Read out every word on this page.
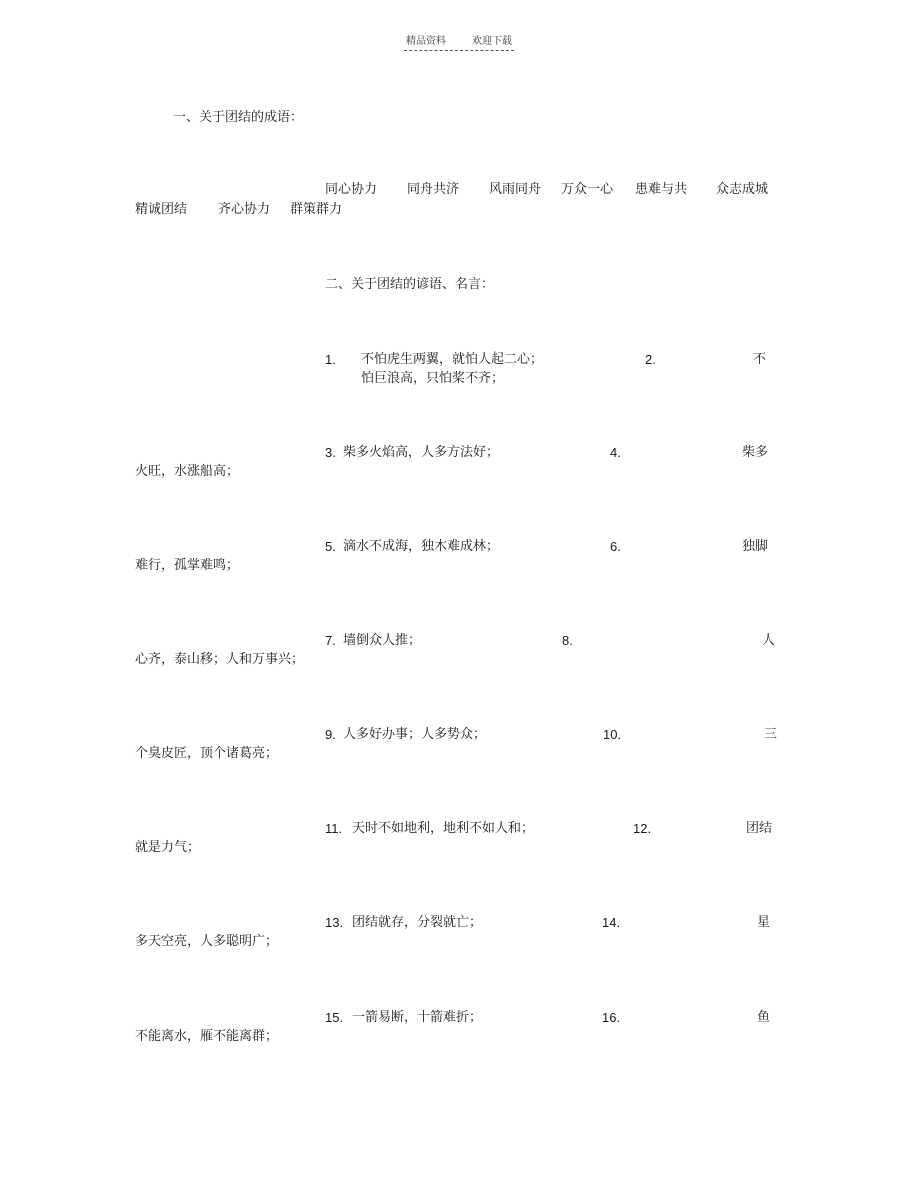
精品资料	欢迎下载
一、关于团结的成语：
同心协力 同舟共济 风雨同舟 万众一心 患难与共 众志成城
精诚团结 齐心协力 群策群力
二、关于团结的谚语、名言：
1. 不怕虎生两翼，就怕人起二心；	2.	不
怕巨浪高，只怕桨不齐；
3. 柴多火焰高，人多方法好；	4.	柴多
火旺，水涨船高；
5. 滴水不成海，独木难成林；	6.	独脚
难行，孤掌难鸣；
7. 墙倒众人推；	8.	人
心齐，泰山移；人和万事兴；
9. 人多好办事；人多势众；	10.	三
个臭皮匠，顶个诸葛亮；
11. 天时不如地利，地利不如人和；	12.	团结
就是力气；
13. 团结就存，分裂就亡；	14.	星
多天空亮，人多聪明广；
15. 一箭易断，十箭难折；	16.	鱼
不能离水，雁不能离群；
